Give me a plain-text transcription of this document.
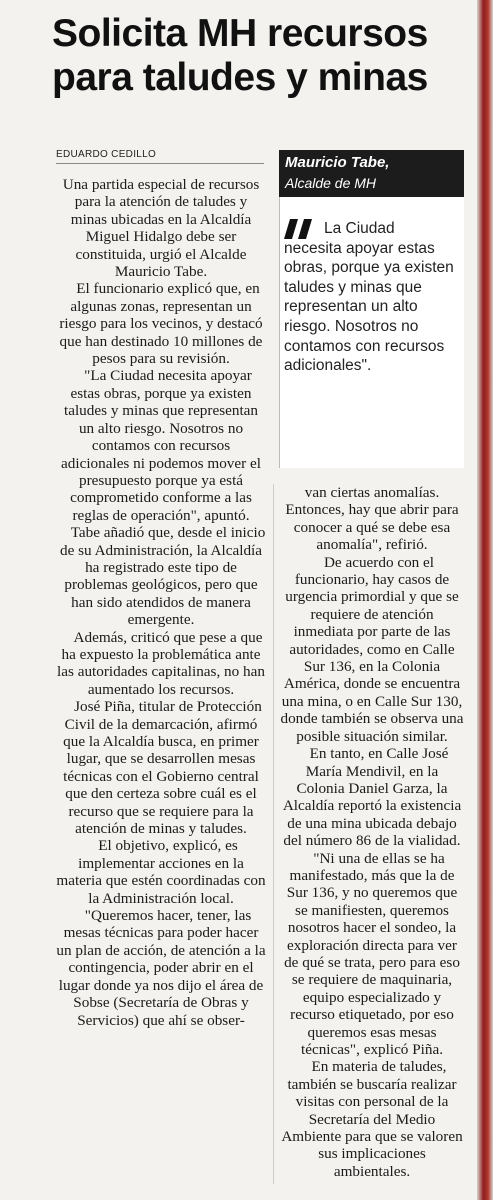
Solicita MH recursos para taludes y minas
EDUARDO CEDILLO

Una partida especial de recursos para la atención de taludes y minas ubicadas en la Alcaldía Miguel Hidalgo debe ser constituida, urgió el Alcalde Mauricio Tabe.

El funcionario explicó que, en algunas zonas, representan un riesgo para los vecinos, y destacó que han destinado 10 millones de pesos para su revisión.

"La Ciudad necesita apoyar estas obras, porque ya existen taludes y minas que representan un alto riesgo. Nosotros no contamos con recursos adicionales ni podemos mover el presupuesto porque ya está comprometido conforme a las reglas de operación", apuntó.

Tabe añadió que, desde el inicio de su Administración, la Alcaldía ha registrado este tipo de problemas geológicos, pero que han sido atendidos de manera emergente.

Además, criticó que pese a que ha expuesto la problemática ante las autoridades capitalinas, no han aumentado los recursos.

José Piña, titular de Protección Civil de la demarcación, afirmó que la Alcaldía busca, en primer lugar, que se desarrollen mesas técnicas con el Gobierno central que den certeza sobre cuál es el recurso que se requiere para la atención de minas y taludes.

El objetivo, explicó, es implementar acciones en la materia que estén coordinadas con la Administración local.

"Queremos hacer, tener, las mesas técnicas para poder hacer un plan de acción, de atención a la contingencia, poder abrir en el lugar donde ya nos dijo el área de Sobse (Secretaría de Obras y Servicios) que ahí se obser-

Mauricio Tabe,
Alcalde de MH

La Ciudad necesita apoyar estas obras, porque ya existen taludes y minas que representan un alto riesgo. Nosotros no contamos con recursos adicionales".

van ciertas anomalías. Entonces, hay que abrir para conocer a qué se debe esa anomalía", refirió.

De acuerdo con el funcionario, hay casos de urgencia primordial y que se requiere de atención inmediata por parte de las autoridades, como en Calle Sur 136, en la Colonia América, donde se encuentra una mina, o en Calle Sur 130, donde también se observa una posible situación similar.

En tanto, en Calle José María Mendivil, en la Colonia Daniel Garza, la Alcaldía reportó la existencia de una mina ubicada debajo del número 86 de la vialidad.

"Ni una de ellas se ha manifestado, más que la de Sur 136, y no queremos que se manifiesten, queremos nosotros hacer el sondeo, la exploración directa para ver de qué se trata, pero para eso se requiere de maquinaria, equipo especializado y recurso etiquetado, por eso queremos esas mesas técnicas", explicó Piña.

En materia de taludes, también se buscaría realizar visitas con personal de la Secretaría del Medio Ambiente para que se valoren sus implicaciones ambientales.
